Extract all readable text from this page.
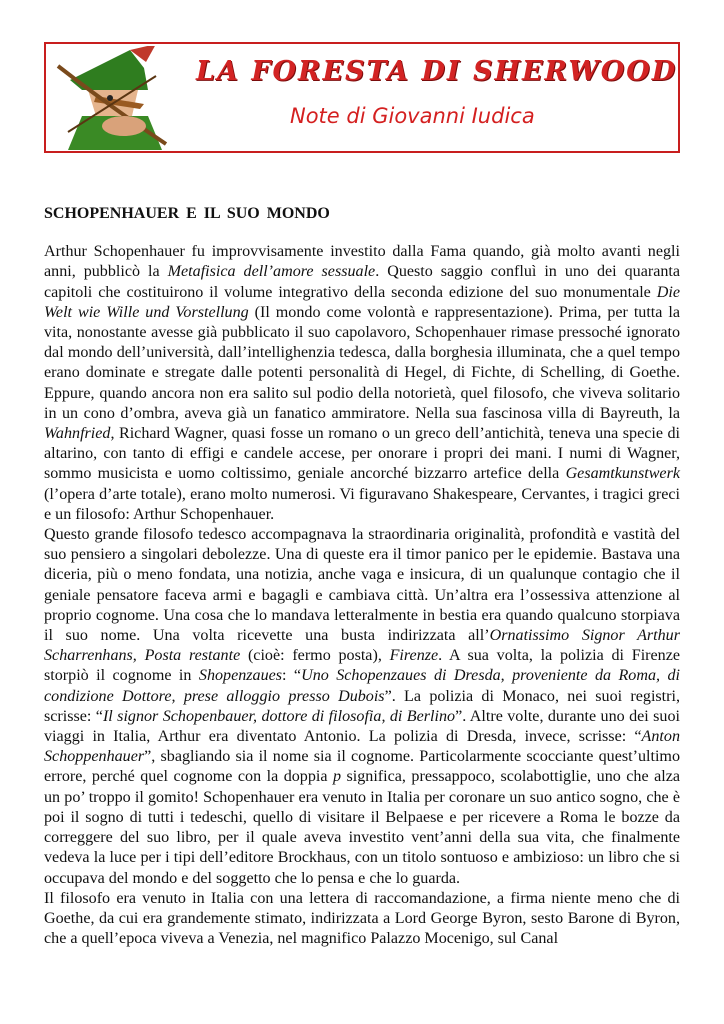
LA FORESTA DI SHERWOOD
Note di Giovanni Iudica
SCHOPENHAUER E IL SUO MONDO

Arthur Schopenhauer fu improvvisamente investito dalla Fama quando, già molto avanti negli anni, pubblicò la Metafisica dell’amore sessuale. Questo saggio confluì in uno dei quaranta capitoli che costituirono il volume integrativo della seconda edizione del suo monumentale Die Welt wie Wille und Vorstellung (Il mondo come volontà e rappresentazione). Prima, per tutta la vita, nonostante avesse già pubblicato il suo capolavoro, Schopenhauer rimase pressoché ignorato dal mondo dell’università, dall’intellighenzia tedesca, dalla borghesia illuminata, che a quel tempo erano dominate e stregate dalle potenti personalità di Hegel, di Fichte, di Schelling, di Goethe. Eppure, quando ancora non era salito sul podio della notorietà, quel filosofo, che viveva solitario in un cono d’ombra, aveva già un fanatico ammiratore. Nella sua fascinosa villa di Bayreuth, la Wahnfried, Richard Wagner, quasi fosse un romano o un greco dell’antichità, teneva una specie di altarino, con tanto di effigi e candele accese, per onorare i propri dei mani. I numi di Wagner, sommo musicista e uomo coltissimo, geniale ancorché bizzarro artefice della Gesamtkunstwerk (l’opera d’arte totale), erano molto numerosi. Vi figuravano Shakespeare, Cervantes, i tragici greci e un filosofo: Arthur Schopenhauer.

Questo grande filosofo tedesco accompagnava la straordinaria originalità, profondità e vastità del suo pensiero a singolari debolezze. Una di queste era il timor panico per le epidemie. Bastava una diceria, più o meno fondata, una notizia, anche vaga e insicura, di un qualunque contagio che il geniale pensatore faceva armi e bagagli e cambiava città. Un’altra era l’ossessiva attenzione al proprio cognome. Una cosa che lo mandava letteralmente in bestia era quando qualcuno storpiava il suo nome. Una volta ricevette una busta indirizzata all’Ornatissimo Signor Arthur Scharrenhans, Posta restante (cioè: fermo posta), Firenze. A sua volta, la polizia di Firenze storpiò il cognome in Shopenzaues: “Uno Schopenzaues di Dresda, proveniente da Roma, di condizione Dottore, prese alloggio presso Dubois”. La polizia di Monaco, nei suoi registri, scrisse: “Il signor Schopenbauer, dottore di filosofia, di Berlino”. Altre volte, durante uno dei suoi viaggi in Italia, Arthur era diventato Antonio. La polizia di Dresda, invece, scrisse: “Anton Schoppenhauer”, sbagliando sia il nome sia il cognome. Particolarmente scocciante quest’ultimo errore, perché quel cognome con la doppia p significa, pressappoco, scolabottiglie, uno che alza un po’ troppo il gomito! Schopenhauer era venuto in Italia per coronare un suo antico sogno, che è poi il sogno di tutti i tedeschi, quello di visitare il Belpaese e per ricevere a Roma le bozze da correggere del suo libro, per il quale aveva investito vent’anni della sua vita, che finalmente vedeva la luce per i tipi dell’editore Brockhaus, con un titolo sontuoso e ambizioso: un libro che si occupava del mondo e del soggetto che lo pensa e che lo guarda.

Il filosofo era venuto in Italia con una lettera di raccomandazione, a firma niente meno che di Goethe, da cui era grandemente stimato, indirizzata a Lord George Byron, sesto Barone di Byron, che a quell’epoca viveva a Venezia, nel magnifico Palazzo Mocenigo, sul Canal
